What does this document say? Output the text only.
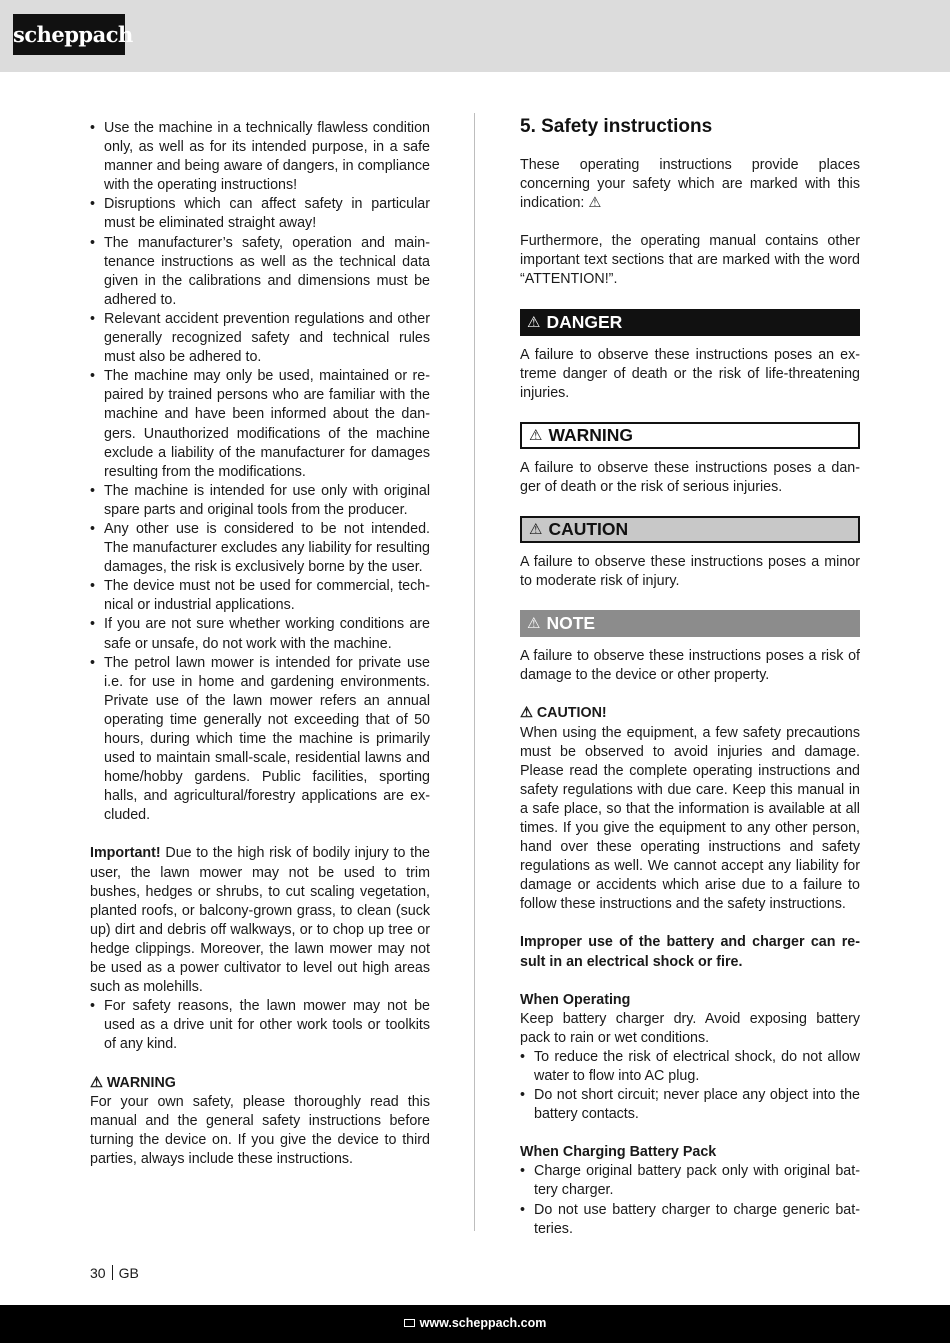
scheppach
• Use the machine in a technically flawless condition only, as well as for its intended purpose, in a safe manner and being aware of dangers, in compliance with the operating instructions!
• Disruptions which can affect safety in particular must be eliminated straight away!
• The manufacturer’s safety, operation and maintenance instructions as well as the technical data given in the calibrations and dimensions must be adhered to.
• Relevant accident prevention regulations and other generally recognized safety and technical rules must also be adhered to.
• The machine may only be used, maintained or repaired by trained persons who are familiar with the machine and have been informed about the dangers. Unauthorized modifications of the machine exclude a liability of the manufacturer for damages resulting from the modifications.
• The machine is intended for use only with original spare parts and original tools from the producer.
• Any other use is considered to be not intended. The manufacturer excludes any liability for resulting damages, the risk is exclusively borne by the user.
• The device must not be used for commercial, technical or industrial applications.
• If you are not sure whether working conditions are safe or unsafe, do not work with the machine.
• The petrol lawn mower is intended for private use i.e. for use in home and gardening environments. Private use of the lawn mower refers an annual operating time generally not exceeding that of 50 hours, during which time the machine is primarily used to maintain small-scale, residential lawns and home/hobby gardens. Public facilities, sporting halls, and agricultural/forestry applications are excluded.

Important! Due to the high risk of bodily injury to the user, the lawn mower may not be used to trim bushes, hedges or shrubs, to cut scaling vegetation, planted roofs, or balcony-grown grass, to clean (suck up) dirt and debris off walkways, or to chop up tree or hedge clippings. Moreover, the lawn mower may not be used as a power cultivator to level out high areas such as molehills.

• For safety reasons, the lawn mower may not be used as a drive unit for other work tools or toolkits of any kind.
⚠ WARNING

For your own safety, please thoroughly read this manual and the general safety instructions before turning the device on. If you give the device to third parties, always include these instructions.

5. Safety instructions

These operating instructions provide places concerning your safety which are marked with this indication: ⚠

Furthermore, the operating manual contains other important text sections that are marked with the word “ATTENTION!”.

⚠ DANGER

A failure to observe these instructions poses an extreme danger of death or the risk of life-threatening injuries.

⚠ WARNING

A failure to observe these instructions poses a danger of death or the risk of serious injuries.

⚠ CAUTION

A failure to observe these instructions poses a minor to moderate risk of injury.

⚠ NOTE

A failure to observe these instructions poses a risk of damage to the device or other property.

⚠ CAUTION!

When using the equipment, a few safety precautions must be observed to avoid injuries and damage. Please read the complete operating instructions and safety regulations with due care. Keep this manual in a safe place, so that the information is available at all times. If you give the equipment to any other person, hand over these operating instructions and safety regulations as well. We cannot accept any liability for damage or accidents which arise due to a failure to follow these instructions and the safety instructions.

Improper use of the battery and charger can result in an electrical shock or fire.

When Operating

Keep battery charger dry. Avoid exposing battery pack to rain or wet conditions.

• To reduce the risk of electrical shock, do not allow water to flow into AC plug.
• Do not short circuit; never place any object into the battery contacts.
When Charging Battery Pack
• Charge original battery pack only with original battery charger.
• Do not use battery charger to charge generic batteries.
30 GB
www.scheppach.com
